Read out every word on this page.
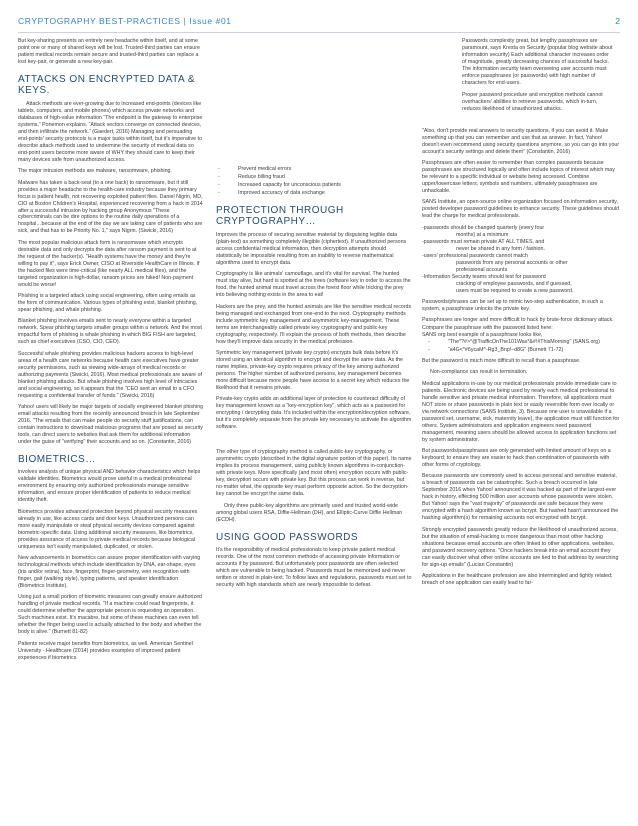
CRYPTOGRAPHY BEST-PRACTICES | Issue #01	2

But key-sharing presents an entirely new headache within itself, and at some point one or many of shared keys will be lost. Trusted-third parties can ensure patient medical records remain secure and trusted-third parties can replace a lost key-pair, or generate a new key-pair.

ATTACKS ON ENCRYPTED DATA & KEYS.

Attack methods are ever-growing due to increased end-points (devices like tablets, computers, and mobile phones) which access private networks and databases of high-value information “The endpoint is the gateway to enterprise systems,” Ponemon explains. “Attack vectors converge on connected devices, and then infiltrate the network.” (Gaedert, 2016) Managing and persuading end-points' security protocols is a major tasks within itself, but it's imperative to describe attack methods used to undermine the security of medical data so end-point users become more aware of WHY they should care to keep their many devices safe from unauthorized access.

The major intrusion methods are malware, ransomware, phishing.

Malware has taken a back-seat (to a one back) to ransomware, but it still provides a major headache to the health-care industry because they primary focus is patient health, not recovering exploited patient files. Daniel Nigrin, MD, CIO at Boston Children's Hospital, experienced recovering from a hack in 2014 after a successful intrusion by hacking group Anonymous "These cybercriminals can be dire options to the routine daily operations of a hospital…because at the end of the day we are taking care of patients who are sick, and that has to be Priority No. 1," says Nigrin. (Siwicki, 2016)

The most popular malicious attack form is ransomware which encrypts desirable data and only decrypts the data after ransom payment is sent to at the request of the hacker(s). "Health systems have the money and they're willing to pay it", says Erick Owner, CISO at Riverside HealthCare in Illinois. If the hacked files were time-critical (like nearly ALL medical files), and the targeted organization is high-dollar, ransom prices are hiked! Non-payment would be worse!

Phishing is a targeted attack using social engineering, often using emails as the form of communication. Various types of phishing exist, blanket phishing, spear phishing, and whale phishing.

Blanket phishing involves emails sent to nearly everyone within a targeted network. Spear phishing targets smaller groups within a network. And the most impactful form of phishing is whale phishing in which BIG FISH are targeted, such as chief executives (CSO, CIO, CEO).

Successful whale phishing provides malicious hackers access to high-level areas of a health care networks because health care executives have greater security permissions, such as viewing wide-arrays of medical records or authorizing payments (Siwicki, 2016). Most medical professionals are aware of blanket phishing attacks. But whale phishing involves high level of intricacies and social engineering, so it appears that the "CEO sent an email to a CFO requesting a confidential transfer of funds." (Siwicki, 2016)

Yahoo! users will likely be major targets of socially engineered blanket phishing email attacks resulting from the recently announced breach in late September 2016. "The emails that can make people do security stuff justifications, can contain instructions to download malicious programs that are posed as security tools, can direct users to websites that ask them for additional information under the guise of "verifying" their accounts and so on. (Constantin, 2016)

BIOMETRICS…

involves analysis of unique physical AND behavior characteristics which helps validate identities. Biometrics would prove useful in a medical professional environment by ensuring only authorized professionals manage sensitive information, and ensure proper identification of patients to reduce medical identity theft.

Biometrics provides advanced protection beyond physical security measures already in use, like access cards and door keys. Unauthorized persons can more easily manipulate or steal physical security devices compared against biometric-specific data. Using additional security measures, like biometrics, provides assurance of access to private medical records because biological uniqueness isn't easily manipulated, duplicated, or stolen.

New advancements in biometrics can assure proper identification with varying technological methods which include identification by DNA, ear-shape, eyes (iris and/or retina), face, fingerprint, finger-geometry, vein recognition with finger, gait (walking style), typing patterns, and speaker identification (Biometrics Institute).

Using just a small portion of biometric measures can greatly ensure authorized handling of private medical records. "If a machine could read fingerprints, it could determine whether the appropriate person is requesting an operation. Such machines exist. It's macabre, but some of these machines can even tell whether the finger being used is actually attached to the body and whether the body is alive." (Burnett 81-82)

Patients receive major benefits from biometrics, as well. American Sentinel University - Healthcare (2014) provides examples of improved patient experiences if biometrics.

- Prevent medical errors
- Reduce billing fraud
- Increased capacity for unconscious patients
- Improved accuracy of data exchange
PROTECTION THROUGH CRYPTOGRAPHY…

Improves the process of securing sensitive material by disguising legible data (plain-text) as something completely illegible (ciphertext). If unauthorized persons access confidential medical information, then decryption attempts should statistically be impossible resulting from an inability to reverse mathematical algorithms used to encrypt data.

Cryptography is like animals' camouflage, and it's vital for survival. The hunted must stay alive, but hard is spotted at the trees (software key in order to access the food, the hunted animal must travel across the forest floor while tricking the prey into believing nothing exists in the area to eat!

Hackers are the prey, and the hunted animals are like the sensitive medical records being managed and exchanged from one-end to the next. Cryptography methods include symmetric key management and asymmetric key-management. These terms are interchangeably called private key cryptography and public-key cryptography, respectively. I'll explain the process of both methods, then describe how they'll improve data security in the medical profession.

Symmetric key management (private key crypto) encrypts bulk data before it's stored using an identical algorithm to encrypt and decrypt the same data. As the name implies, private-key crypto requires privacy of the key among authorized persons. The higher number of authorized persons, key management becomes more difficult because more people have access to a secret key which reduces the likelihood that it remains private.

Private-key crypto adds an additional layer of protection to counteract difficulty of key management known as a "key-encryption key", which acts as a password for encrypting / decrypting data. It's included within the encryption/decryption software, but it's completely separate from the private key necessary to activate the algorithm software.

The other type of cryptography method is called public-key cryptography, or asymmetric crypto (described in the digital signature portion of this paper). Its name implies its process management, using publicly known algorithms in-conjunction-with private keys. More specifically (and most often) encryption occurs with public-key, decryption occurs with private key. But this process can work in reverse, but no-matter what, the opposite key must perform opposite action. So the decryption-key cannot be encrypt the same data.

Only three public-key algorithms are primarily used and trusted world-wide among global users RSA, Diffie-Hellman (DH), and Elliptic-Curve Diffie Hellman (ECDH).

USING GOOD PASSWORDS

It's the responsibility of medical professionals to keep private patient medical records. One of the most common methods of accessing private information or accounts if by password. But unfortunately poor passwords are often selected which are vulnerable to being hacked. Passwords must be memorized and never written or stored in plain-text. To follow laws and regulations, passwords must set to security with high standards which are nearly impossible to defeat.

Passwords complexity great, but lengthy passphrases are paramount, says Kresta on Security (popular blog website about information security) Each additional character increases order of magnitude, greatly decreasing chances of successful hacks. The information security team overseeing user accounts must enforce passphrases (or passwords) with high number of characters for end-users.

Proper password procedure and encryption methods cannot overhackers' abilities to retrieve passwords, which in-turn, reduces likelihood of unauthorized attacks.

"Also, don't provide real answers to security questions, if you can avoid it. Make something up that you can remember and use that as answer. In fact, Yahoo! doesn't even recommend using security questions anymore, so you can go into your account's security settings and delete them" (Constantin, 2016)

Passphrases are often easier to remember than complex passwords because passphrases are structured logically and often include topics of interest which may be relevant to a specific individual or website being accessed. Combine upper/lowercase letters, symbols and numbers, ultimately passphrases are unhackable.

SANS Institute, an open-source online organization focused on information security, posted developer password guidelines to enhance security. These guidelines should lead the charge for medical professionals.

-passwords should be changed quarterly (every four
months) at a minimum
-passwords must remain private AT ALL TIMES, and
never be shared in any form / fashion.
-users' professional passwords cannot match
passwords from any personal accounts or other
professional accounts
-Information Security teams should test for password
cracking of employee passwords, and if guessed,
users must be required to create a new password.

Passwords/phrases can be set up to mimic two-step authentication, in such a system, a passphrase unlocks the private key.

Passphrases are longer and more difficult to hack by brute-force dictionary attack.

Compare the passphrase with the password listed here:
SANS org best example of a passphrase looks like,
- "The*?#>*@TrafficOnThe101Was*&#!#ThisMorning" (SANS.org)
- “a4G<*#6ycaM^-Rg3_Bnp!–d8G" (Burnett 71-72)

But the password is much more difficult to recall than a passphrase.

Non-compliance can result in termination.

Medical applications in-use by our medical professionals provide immediate care to patients. Electronic devices are being used by nearly each medical professional to handle sensitive and private medical information. Therefore, all applications must NOT store or share passwords in plain text or easily reversible form over locally or via network connections (SANS Institute, 3). Because one user is unavailable if a password set, username, sick, maternity leave), the application must still function for others. System administrators and application engineers need password management, meaning users should be allowed access to application functions set by system administrator.

But passwords/passphrases are only generated with limited amount of keys on a keyboard; to ensure they are easier to hack than combination of passwords with other forms of cryptology.

Because passwords are commonly used to access personal and sensitive material, a breach of passwords can be catastrophic. Such a breach occurred in late September 2016 when Yahoo! announced it was hacked as part of the largest-ever hack in history, effecting 500 million user accounts whose passwords were stolen. But Yahoo! says the "vast majority" of passwords are safe because they were encrypted with a hash algorithm known as bcrypt. But hashed hasn't announced the hashing algorithm(s) for remaining accounts not encrypted with bcrypt.

Strongly encrypted passwords greatly reduce the likelihood of unauthorized access, but the situation of email-hacking is more dangerous than most other hacking situations because email accounts are often linked to other applications, websites, and password recovery options. "Once hackers break into an email account they can easily discover what other online accounts are tied to that address by searching for sign-up emails" (Lucian Constantin)

Applications in the healthcare profession are also intermingled and tightly related; breach of one application can easily lead to far-
